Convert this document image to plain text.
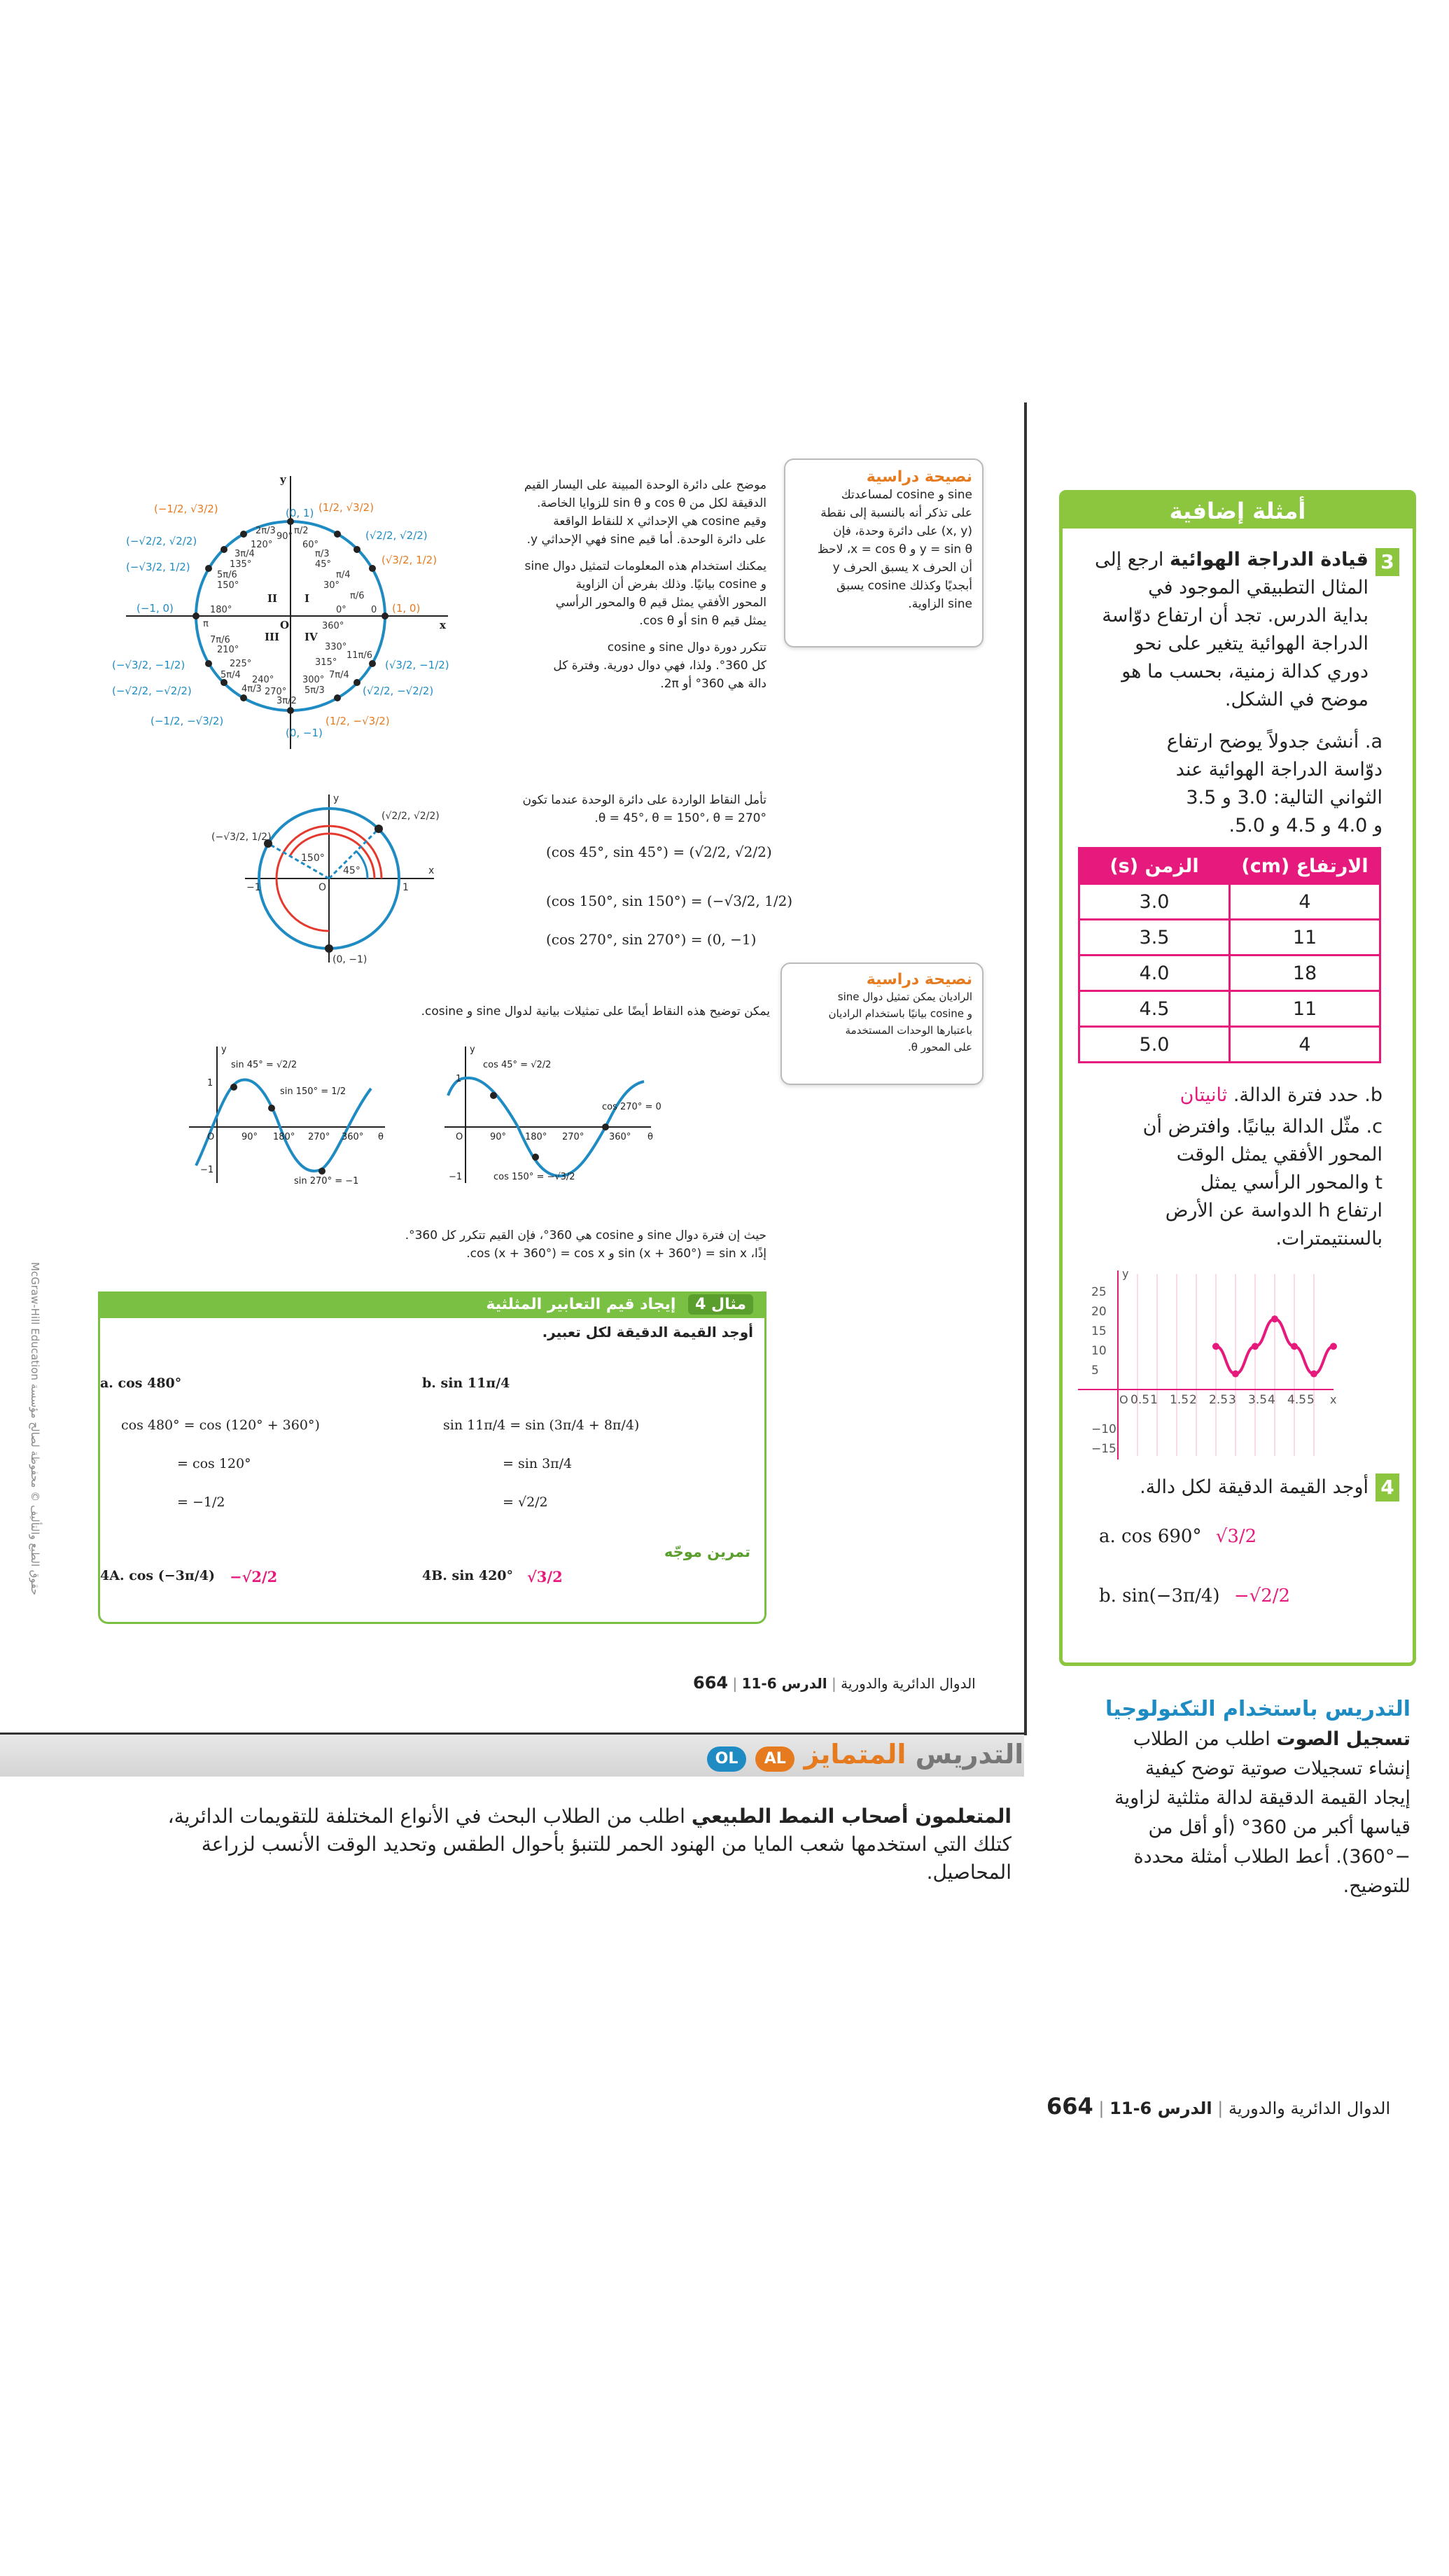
نصيحة دراسية
sine و cosine لمساعدتك
على تذكر أنه بالنسبة إلى نقطة
(x, y) على دائرة وحدة، فإن
y = sin θ و x = cos θ، لاحظ
أن الحرف x يسبق الحرف y
أبجديًا وكذلك cosine يسبق
sine الزاوية.
موضح على دائرة الوحدة المبينة على اليسار القيم
الدقيقة لكل من cos θ و sin θ للزوايا الخاصة.
وقيم cosine هي الإحداثي x للنقاط الواقعة
على دائرة الوحدة. أما قيم sine فهي الإحداثي y.
يمكنك استخدام هذه المعلومات لتمثيل دوال sine
و cosine بيانيًا. وذلك بفرض أن الزاوية
المحور الأفقي يمثل قيم θ والمحور الرأسي
يمثل قيم sin θ أو cos θ.
تتكرر دورة دوال sine و cosine
كل 360°. ولذا، فهي دوال دورية. وفترة كل
دالة هي 360° أو 2π.
(0, 1) (1/2, √3/2)
(√2/2, √2/2)
(√3/2, 1/2)
(1, 0)
(−1/2, √3/2)
(−√2/2, √2/2)
(−√3/2, 1/2)
(−1, 0)
(−√3/2, −1/2)
(−√2/2, −√2/2)
(−1/2, −√3/2)
(0, −1)
(1/2, −√3/2)
(√2/2, −√2/2)
(√3/2, −1/2)
90°
60°
45°
30°
0°
360°
120°
135°
150°
180°
210°
225°
240°
270°
300°
315°
330°
π/2
π/3
π/4
π/6
0
2π/3
3π/4
5π/6
π
7π/6
5π/4
4π/3
3π/2
5π/3
7π/4
11π/6
I
II
III IV
x
y
O
تأمل النقاط الواردة على دائرة الوحدة عندما تكون
θ = 45°، θ = 150°، θ = 270°.
(cos 45°, sin 45°) = (√2/2, √2/2)
(cos 150°, sin 150°) = (−√3/2, 1/2)
(cos 270°, sin 270°) = (0, −1)
(√2/2, √2/2)
(−√3/2, 1/2)
(0, −1)
150°
45°
O	1
−1
x
y
نصيحة دراسية
الراديان يمكن تمثيل دوال sine
و cosine بيانيًا باستخدام الراديان
باعتبارها الوحدات المستخدمة
على المحور θ.
يمكن توضيح هذه النقاط أيضًا على تمثيلات بيانية لدوال sine و cosine.
sin 45° = √2/2
sin 150° = 1/2
sin 270° = −1
90° 180° 270° 360° θ
y
1
−1
O
cos 45° = √2/2
cos 270° = 0
cos 150° = −√3/2
90° 180° 270°	360° θ
y
1
−1
O
حيث إن فترة دوال sine و cosine هي 360°، فإن القيم تتكرر كل 360°.
إذًا، sin (x + 360°) = sin x و cos (x + 360°) = cos x.
مثال 4 إيجاد قيم التعابير المثلثية
أوجد القيمة الدقيقة لكل تعبير.
a. cos 480°
cos 480° = cos (120° + 360°)
= cos 120°
= −1/2
b. sin 11π/4
sin 11π/4 = sin (3π/4 + 8π/4)
= sin 3π/4
= √2/2
تمرين موجّه
4A. cos (−3π/4) −√2/2	4B. sin 420° √3/2
حقوق الطبع والتأليف © محفوظة لصالح مؤسسة McGraw-Hill Education
الدوال الدائرية والدورية | الدرس 6-11 | 664
أمثلة إضافية
3
قيادة الدراجة الهوائية ارجع إلى المثال التطبيقي الموجود في
بداية الدرس. تجد أن ارتفاع دوّاسة
الدراجة الهوائية يتغير على نحو
دوري كدالة زمنية، بحسب ما هو
موضح في الشكل.
a. أنشئ جدولاً يوضح ارتفاع
دوّاسة الدراجة الهوائية عند
الثواني التالية: 3.0 و 3.5
و 4.0 و 4.5 و 5.0.
الارتفاع (cm)	الزمن (s)
4	3.0
11	3.5
18	4.0
11	4.5
4	5.0
b. حدد فترة الدالة. ثانيتان
c. مثّل الدالة بيانيًا. وافترض أن
المحور الأفقي يمثل الوقت
t والمحور الرأسي يمثل
ارتفاع h الدواسة عن الأرض
بالسنتيمترات.
0.5 1 1.5 2 2.5 3 3.5 4 4.5 5
25
20
15
10
5
−10
−15
x
y
O
4
أوجد القيمة الدقيقة لكل دالة.
a. cos 690° √3/2
b. sin(−3π/4) −√2/2
التدريس باستخدام التكنولوجيا
تسجيل الصوت اطلب من الطلاب
إنشاء تسجيلات صوتية توضح كيفية
إيجاد القيمة الدقيقة لدالة مثلثية لزاوية
قياسها أكبر من 360° (أو أقل من
−360°). أعط الطلاب أمثلة محددة
للتوضيح.
التدريس المتمايز AL OL
المتعلمون أصحاب النمط الطبيعي اطلب من الطلاب البحث في الأنواع المختلفة للتقويمات الدائرية،
كتلك التي استخدمها شعب المايا من الهنود الحمر للتنبؤ بأحوال الطقس وتحديد الوقت الأنسب لزراعة
المحاصيل.
الدوال الدائرية والدورية | الدرس 6-11 | 664
